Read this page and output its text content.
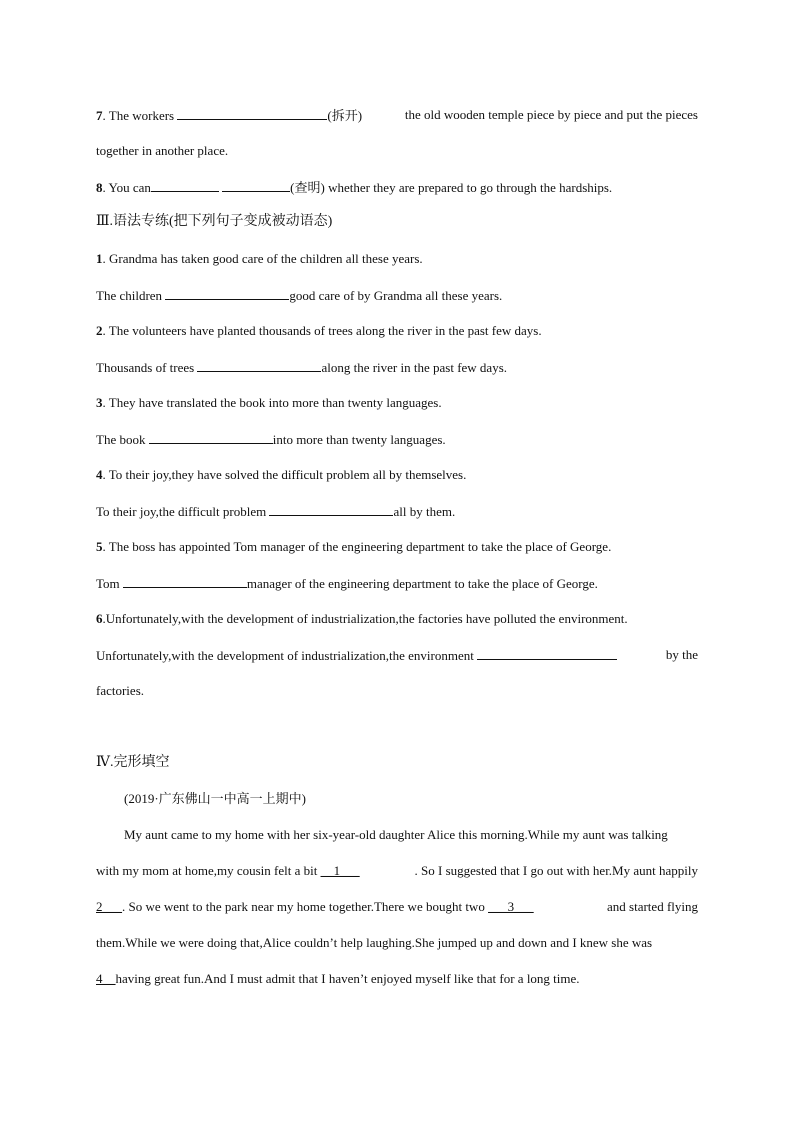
7. The workers	(拆开)	the old wooden temple piece by piece and put the pieces
together in another place.
8. You can	(查明) whether they are prepared to go through the hardships.
Ⅲ.语法专练(把下列句子变成被动语态)
1. Grandma has taken good care of the children all these years.
The children	good care of by Grandma all these years.
2. The volunteers have planted thousands of trees along the river in the past few days.
Thousands of trees	along the river in the past few days.
3. They have translated the book into more than twenty languages.
The book	into more than twenty languages.
4. To their joy,they have solved the difficult problem all by themselves.
To their joy,the difficult problem	all by them.
5. The boss has appointed Tom manager of the engineering department to take the place of George.
Tom	manager of the engineering department to take the place of George.
6.Unfortunately,with the development of industrialization,the factories have polluted the environment.
Unfortunately,with the development of industrialization,the environment	by the
factories.
Ⅳ.完形填空
(2019·广东佛山一中高一上期中)
My aunt came to my home with her six-year-old daughter Alice this morning.While my aunt was talking
with my mom at home,my cousin felt a bit __1___	. So I suggested that I go out with her.My aunt happily
2___. So we went to the park near my home together.There we bought two ___3___	and started flying
them.While we were doing that,Alice couldn’t help laughing.She jumped up and down and I knew she was
4__having great fun.And I must admit that I haven’t enjoyed myself like that for a long time.
